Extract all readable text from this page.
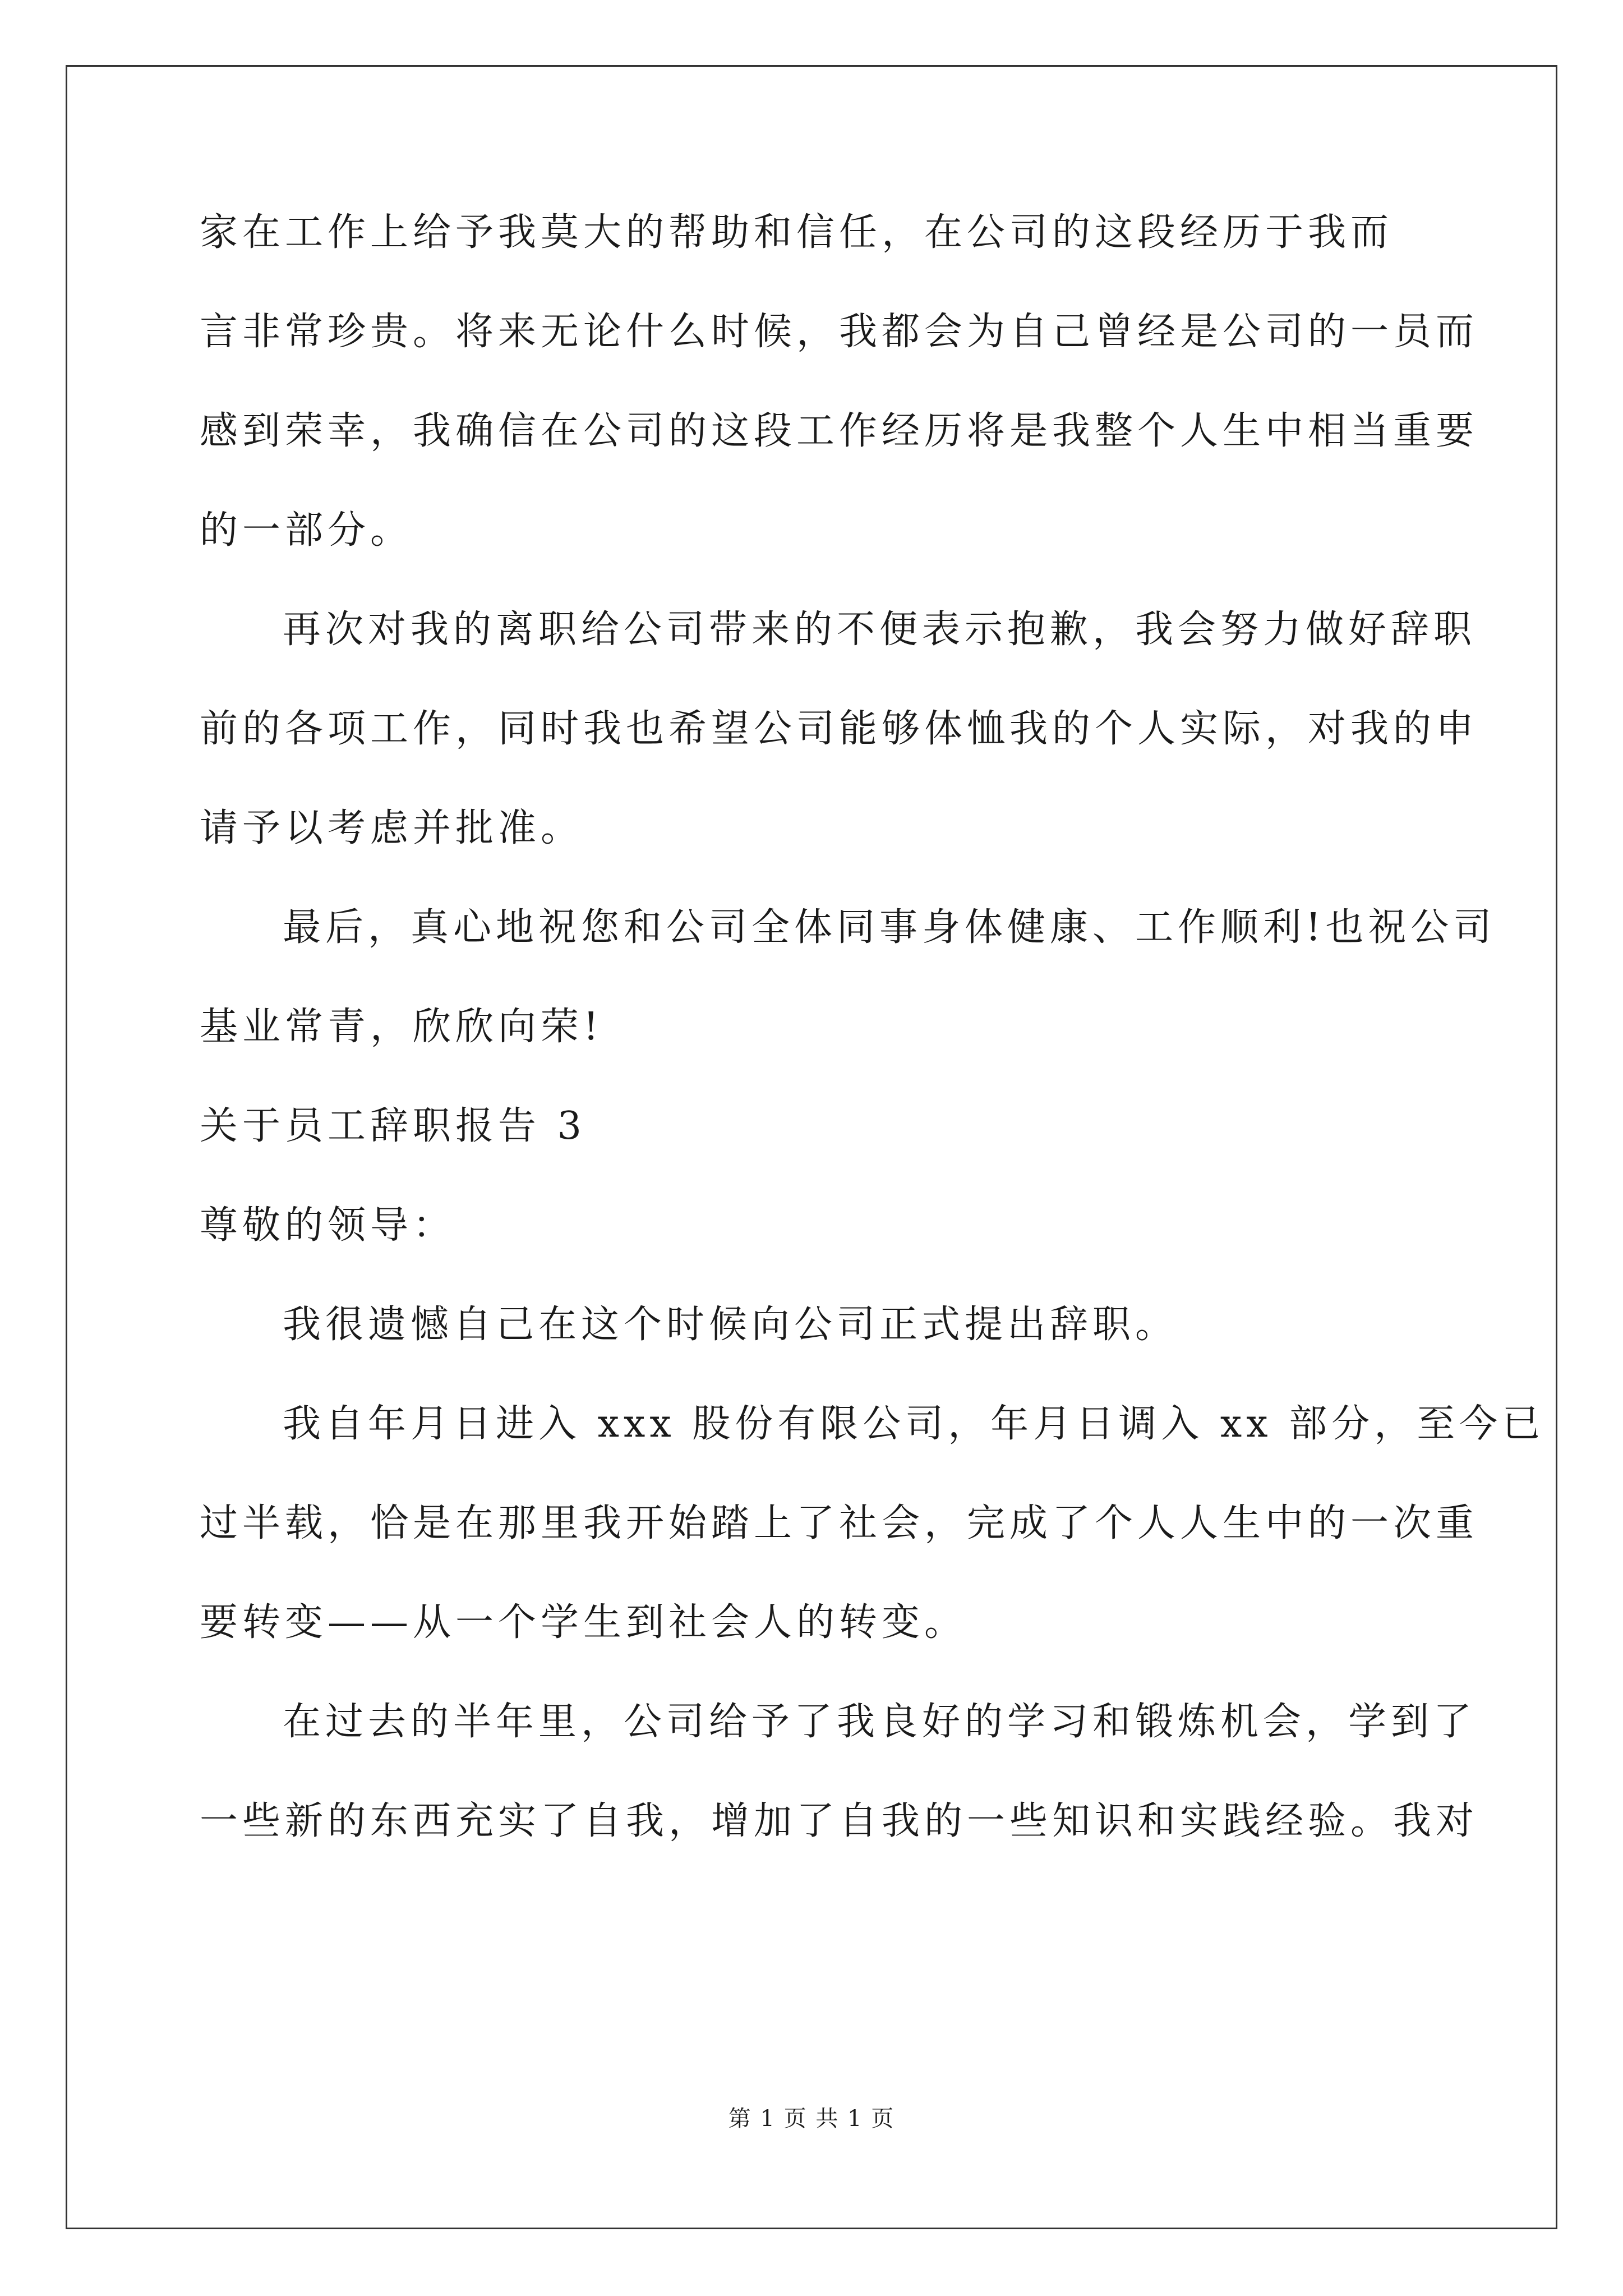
家在工作上给予我莫大的帮助和信任，在公司的这段经历于我而
言非常珍贵。将来无论什么时候，我都会为自己曾经是公司的一员而
感到荣幸，我确信在公司的这段工作经历将是我整个人生中相当重要
的一部分。
再次对我的离职给公司带来的不便表示抱歉，我会努力做好辞职
前的各项工作，同时我也希望公司能够体恤我的个人实际，对我的申
请予以考虑并批准。
最后，真心地祝您和公司全体同事身体健康、工作顺利!也祝公司
基业常青，欣欣向荣!
关于员工辞职报告 3
尊敬的领导：
我很遗憾自己在这个时候向公司正式提出辞职。
我自年月日进入 xxx 股份有限公司，年月日调入 xx 部分，至今已
过半载，恰是在那里我开始踏上了社会，完成了个人人生中的一次重
要转变——从一个学生到社会人的转变。
在过去的半年里，公司给予了我良好的学习和锻炼机会，学到了
一些新的东西充实了自我，增加了自我的一些知识和实践经验。我对
第 1 页 共 1 页
